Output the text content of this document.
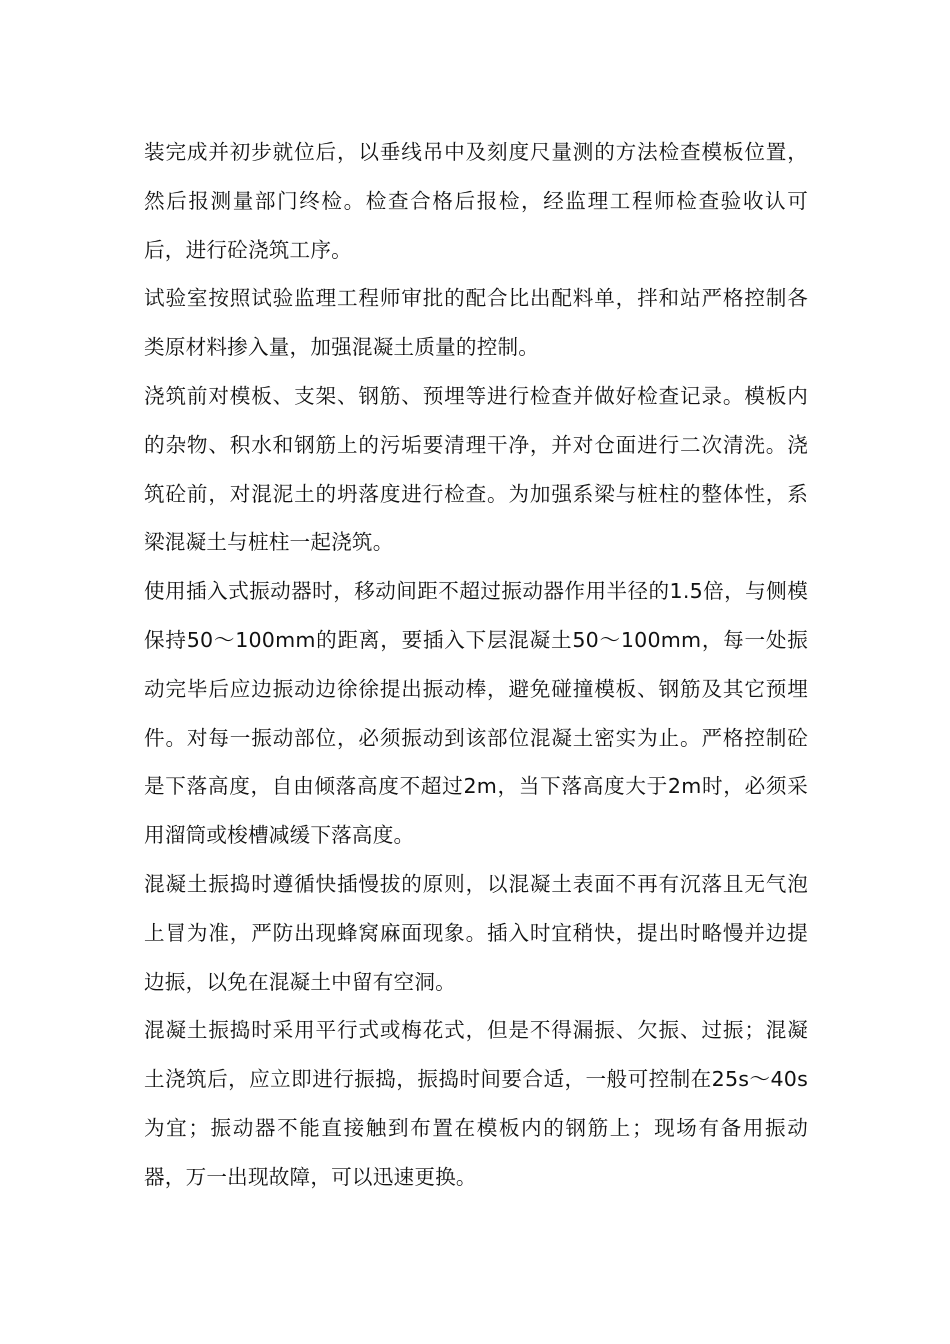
装完成并初步就位后，以垂线吊中及刻度尺量测的方法检查模板位置，然后报测量部门终检。检查合格后报检，经监理工程师检查验收认可后，进行砼浇筑工序。

试验室按照试验监理工程师审批的配合比出配料单，拌和站严格控制各类原材料掺入量，加强混凝土质量的控制。

浇筑前对模板、支架、钢筋、预埋等进行检查并做好检查记录。模板内的杂物、积水和钢筋上的污垢要清理干净，并对仓面进行二次清洗。浇筑砼前，对混泥土的坍落度进行检查。为加强系梁与桩柱的整体性，系梁混凝土与桩柱一起浇筑。

使用插入式振动器时，移动间距不超过振动器作用半径的1.5倍，与侧模保持50～100mm的距离，要插入下层混凝土50～100mm，每一处振动完毕后应边振动边徐徐提出振动棒，避免碰撞模板、钢筋及其它预埋件。对每一振动部位，必须振动到该部位混凝土密实为止。严格控制砼是下落高度，自由倾落高度不超过2m，当下落高度大于2m时，必须采用溜筒或梭槽减缓下落高度。

混凝土振捣时遵循快插慢拔的原则，以混凝土表面不再有沉落且无气泡上冒为准，严防出现蜂窝麻面现象。插入时宜稍快，提出时略慢并边提边振，以免在混凝土中留有空洞。

混凝土振捣时采用平行式或梅花式，但是不得漏振、欠振、过振；混凝土浇筑后，应立即进行振捣，振捣时间要合适，一般可控制在25s～40s为宜；振动器不能直接触到布置在模板内的钢筋上；现场有备用振动器，万一出现故障，可以迅速更换。
